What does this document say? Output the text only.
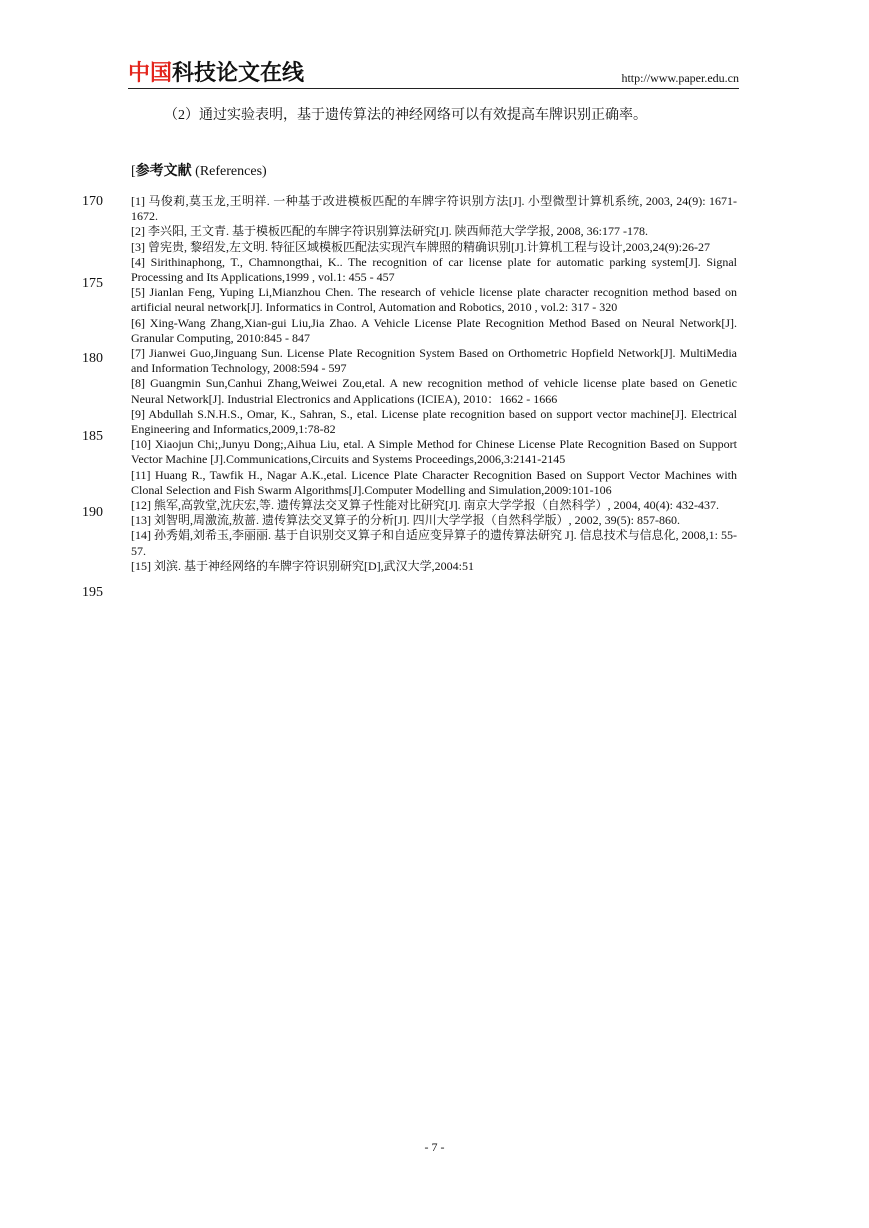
中国科技论文在线	http://www.paper.edu.cn
（2）通过实验表明，基于遗传算法的神经网络可以有效提高车牌识别正确率。
[参考文献 (References)
170
175
180
185
190
195
[1] 马俊莉,莫玉龙,王明祥. 一种基于改进模板匹配的车牌字符识别方法[J]. 小型微型计算机系统, 2003, 24(9): 1671-1672.
[2] 李兴阳, 王文青. 基于模板匹配的车牌字符识别算法研究[J]. 陕西师范大学学报, 2008, 36:177 -178.
[3] 曾宪贵, 黎绍发,左文明. 特征区域模板匹配法实现汽车牌照的精确识别[J].计算机工程与设计,2003,24(9):26-27
[4] Sirithinaphong, T., Chamnongthai, K.. The recognition of car license plate for automatic parking system[J]. Signal Processing and Its Applications,1999 , vol.1: 455 - 457
[5] Jianlan Feng, Yuping Li,Mianzhou Chen. The research of vehicle license plate character recognition method based on artificial neural network[J]. Informatics in Control, Automation and Robotics, 2010 , vol.2: 317 - 320
[6] Xing-Wang Zhang,Xian-gui Liu,Jia Zhao. A Vehicle License Plate Recognition Method Based on Neural Network[J]. Granular Computing, 2010:845 - 847
[7] Jianwei Guo,Jinguang Sun. License Plate Recognition System Based on Orthometric Hopfield Network[J]. MultiMedia and Information Technology, 2008:594 - 597
[8] Guangmin Sun,Canhui Zhang,Weiwei Zou,etal. A new recognition method of vehicle license plate based on Genetic Neural Network[J]. Industrial Electronics and Applications (ICIEA), 2010：1662 - 1666
[9] Abdullah S.N.H.S., Omar, K., Sahran, S., etal. License plate recognition based on support vector machine[J]. Electrical Engineering and Informatics,2009,1:78-82
[10] Xiaojun Chi;,Junyu Dong;,Aihua Liu, etal. A Simple Method for Chinese License Plate Recognition Based on Support Vector Machine [J].Communications,Circuits and Systems Proceedings,2006,3:2141-2145
[11] Huang R., Tawfik H., Nagar A.K.,etal. Licence Plate Character Recognition Based on Support Vector Machines with Clonal Selection and Fish Swarm Algorithms[J].Computer Modelling and Simulation,2009:101-106
[12] 熊军,高敦堂,沈庆宏,等. 遗传算法交叉算子性能对比研究[J]. 南京大学学报（自然科学）, 2004, 40(4): 432-437.
[13] 刘智明,周激流,敖蔷. 遗传算法交叉算子的分析[J]. 四川大学学报（自然科学版）, 2002, 39(5): 857-860.
[14] 孙秀娟,刘希玉,李丽丽. 基于自识别交叉算子和自适应变异算子的遗传算法研究 J]. 信息技术与信息化, 2008,1: 55-57.
[15] 刘滨. 基于神经网络的车牌字符识别研究[D],武汉大学,2004:51
- 7 -
